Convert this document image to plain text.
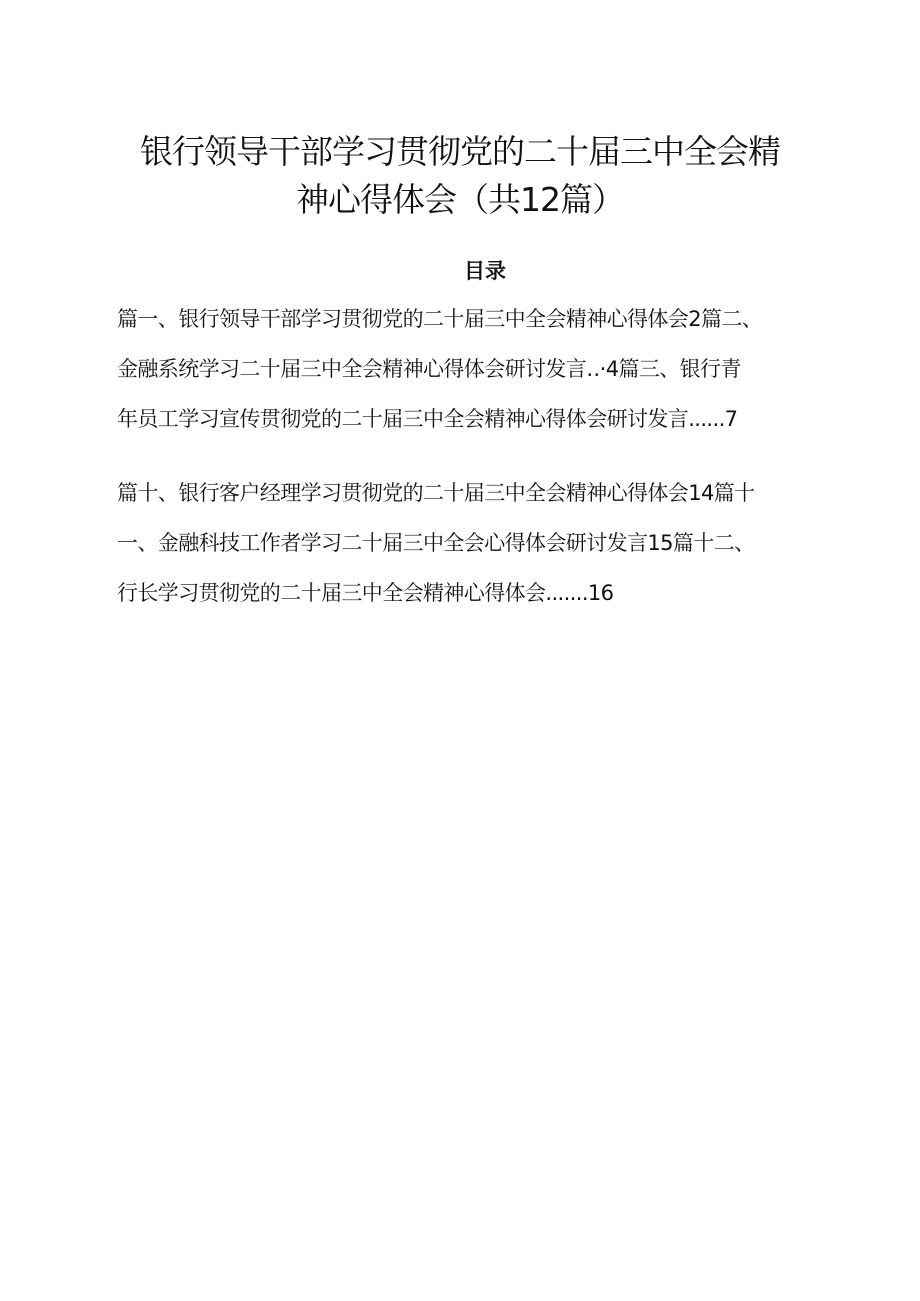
银行领导干部学习贯彻党的二十届三中全会精
神心得体会（共12篇）
目录
篇一、银行领导干部学习贯彻党的二十届三中全会精神心得体会2篇二、
金融系统学习二十届三中全会精神心得体会研讨发言‥·4篇三、银行青
年员工学习宣传贯彻党的二十届三中全会精神心得体会研讨发言......7
篇十、银行客户经理学习贯彻党的二十届三中全会精神心得体会14篇十
一、金融科技工作者学习二十届三中全会心得体会研讨发言15篇十二、
行长学习贯彻党的二十届三中全会精神心得体会.......16
